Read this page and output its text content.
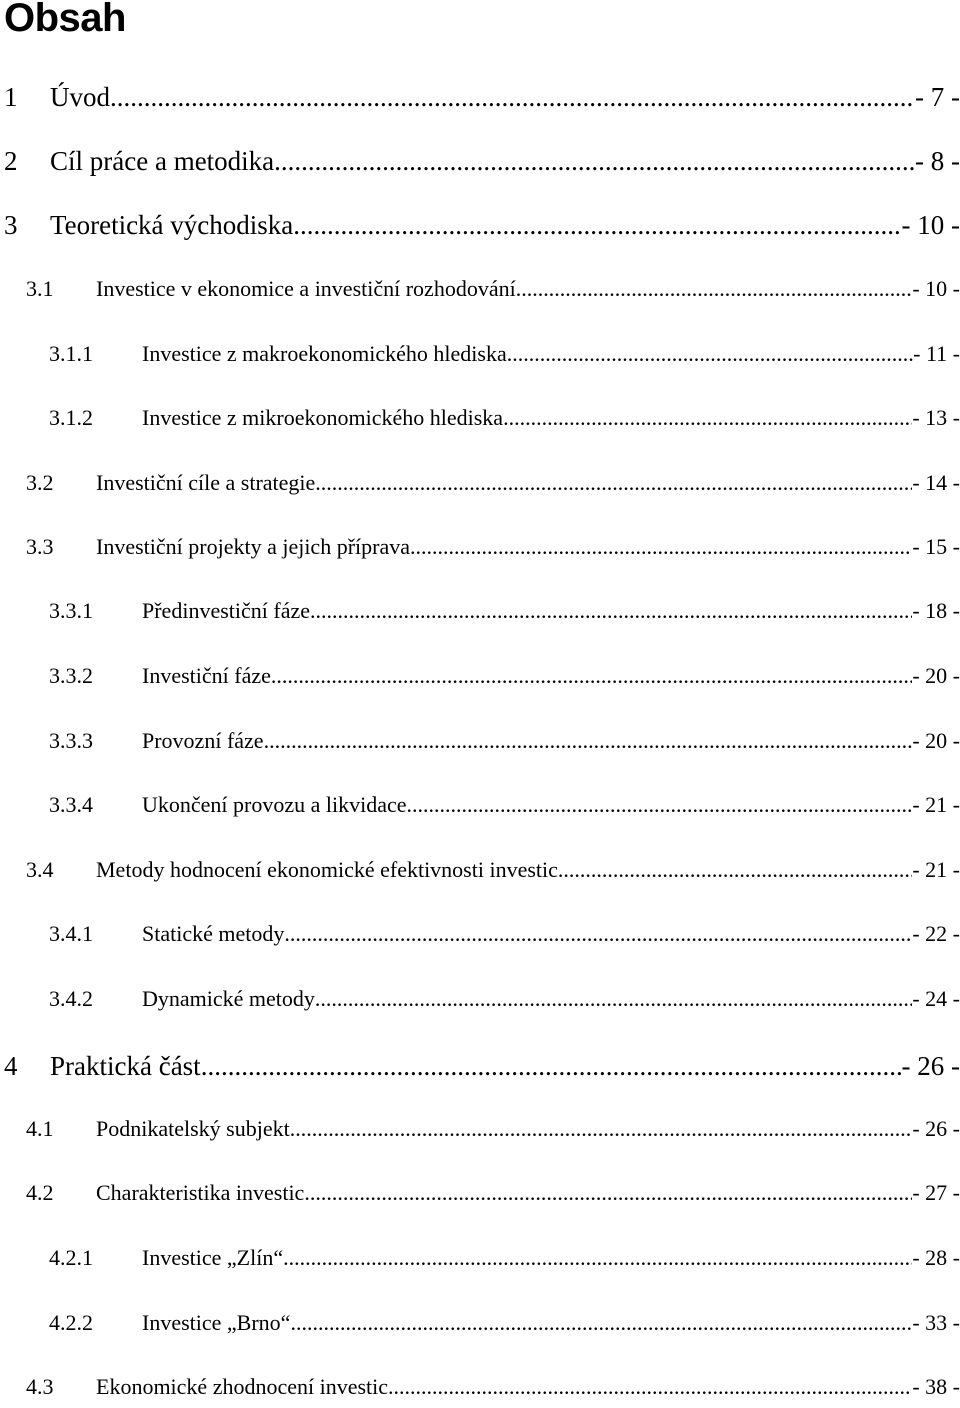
Obsah
1 Úvod .....	- 7 -
2 Cíl práce a metodika .....	- 8 -
3 Teoretická východiska .....	- 10 -
3.1 Investice v ekonomice a investiční rozhodování .....	- 10 -
3.1.1 Investice z makroekonomického hlediska .....	- 11 -
3.1.2 Investice z mikroekonomického hlediska .....	- 13 -
3.2 Investiční cíle a strategie .....	- 14 -
3.3 Investiční projekty a jejich příprava .....	- 15 -
3.3.1 Předinvestiční fáze .....	- 18 -
3.3.2 Investiční fáze .....	- 20 -
3.3.3 Provozní fáze .....	- 20 -
3.3.4 Ukončení provozu a likvidace .....	- 21 -
3.4 Metody hodnocení ekonomické efektivnosti investic .....	- 21 -
3.4.1 Statické metody .....	- 22 -
3.4.2 Dynamické metody .....	- 24 -
4 Praktická část .....	- 26 -
4.1 Podnikatelský subjekt .....	- 26 -
4.2 Charakteristika investic .....	- 27 -
4.2.1 Investice „Zlín“ .....	- 28 -
4.2.2 Investice „Brno“ .....	- 33 -
4.3 Ekonomické zhodnocení investic .....	- 38 -
